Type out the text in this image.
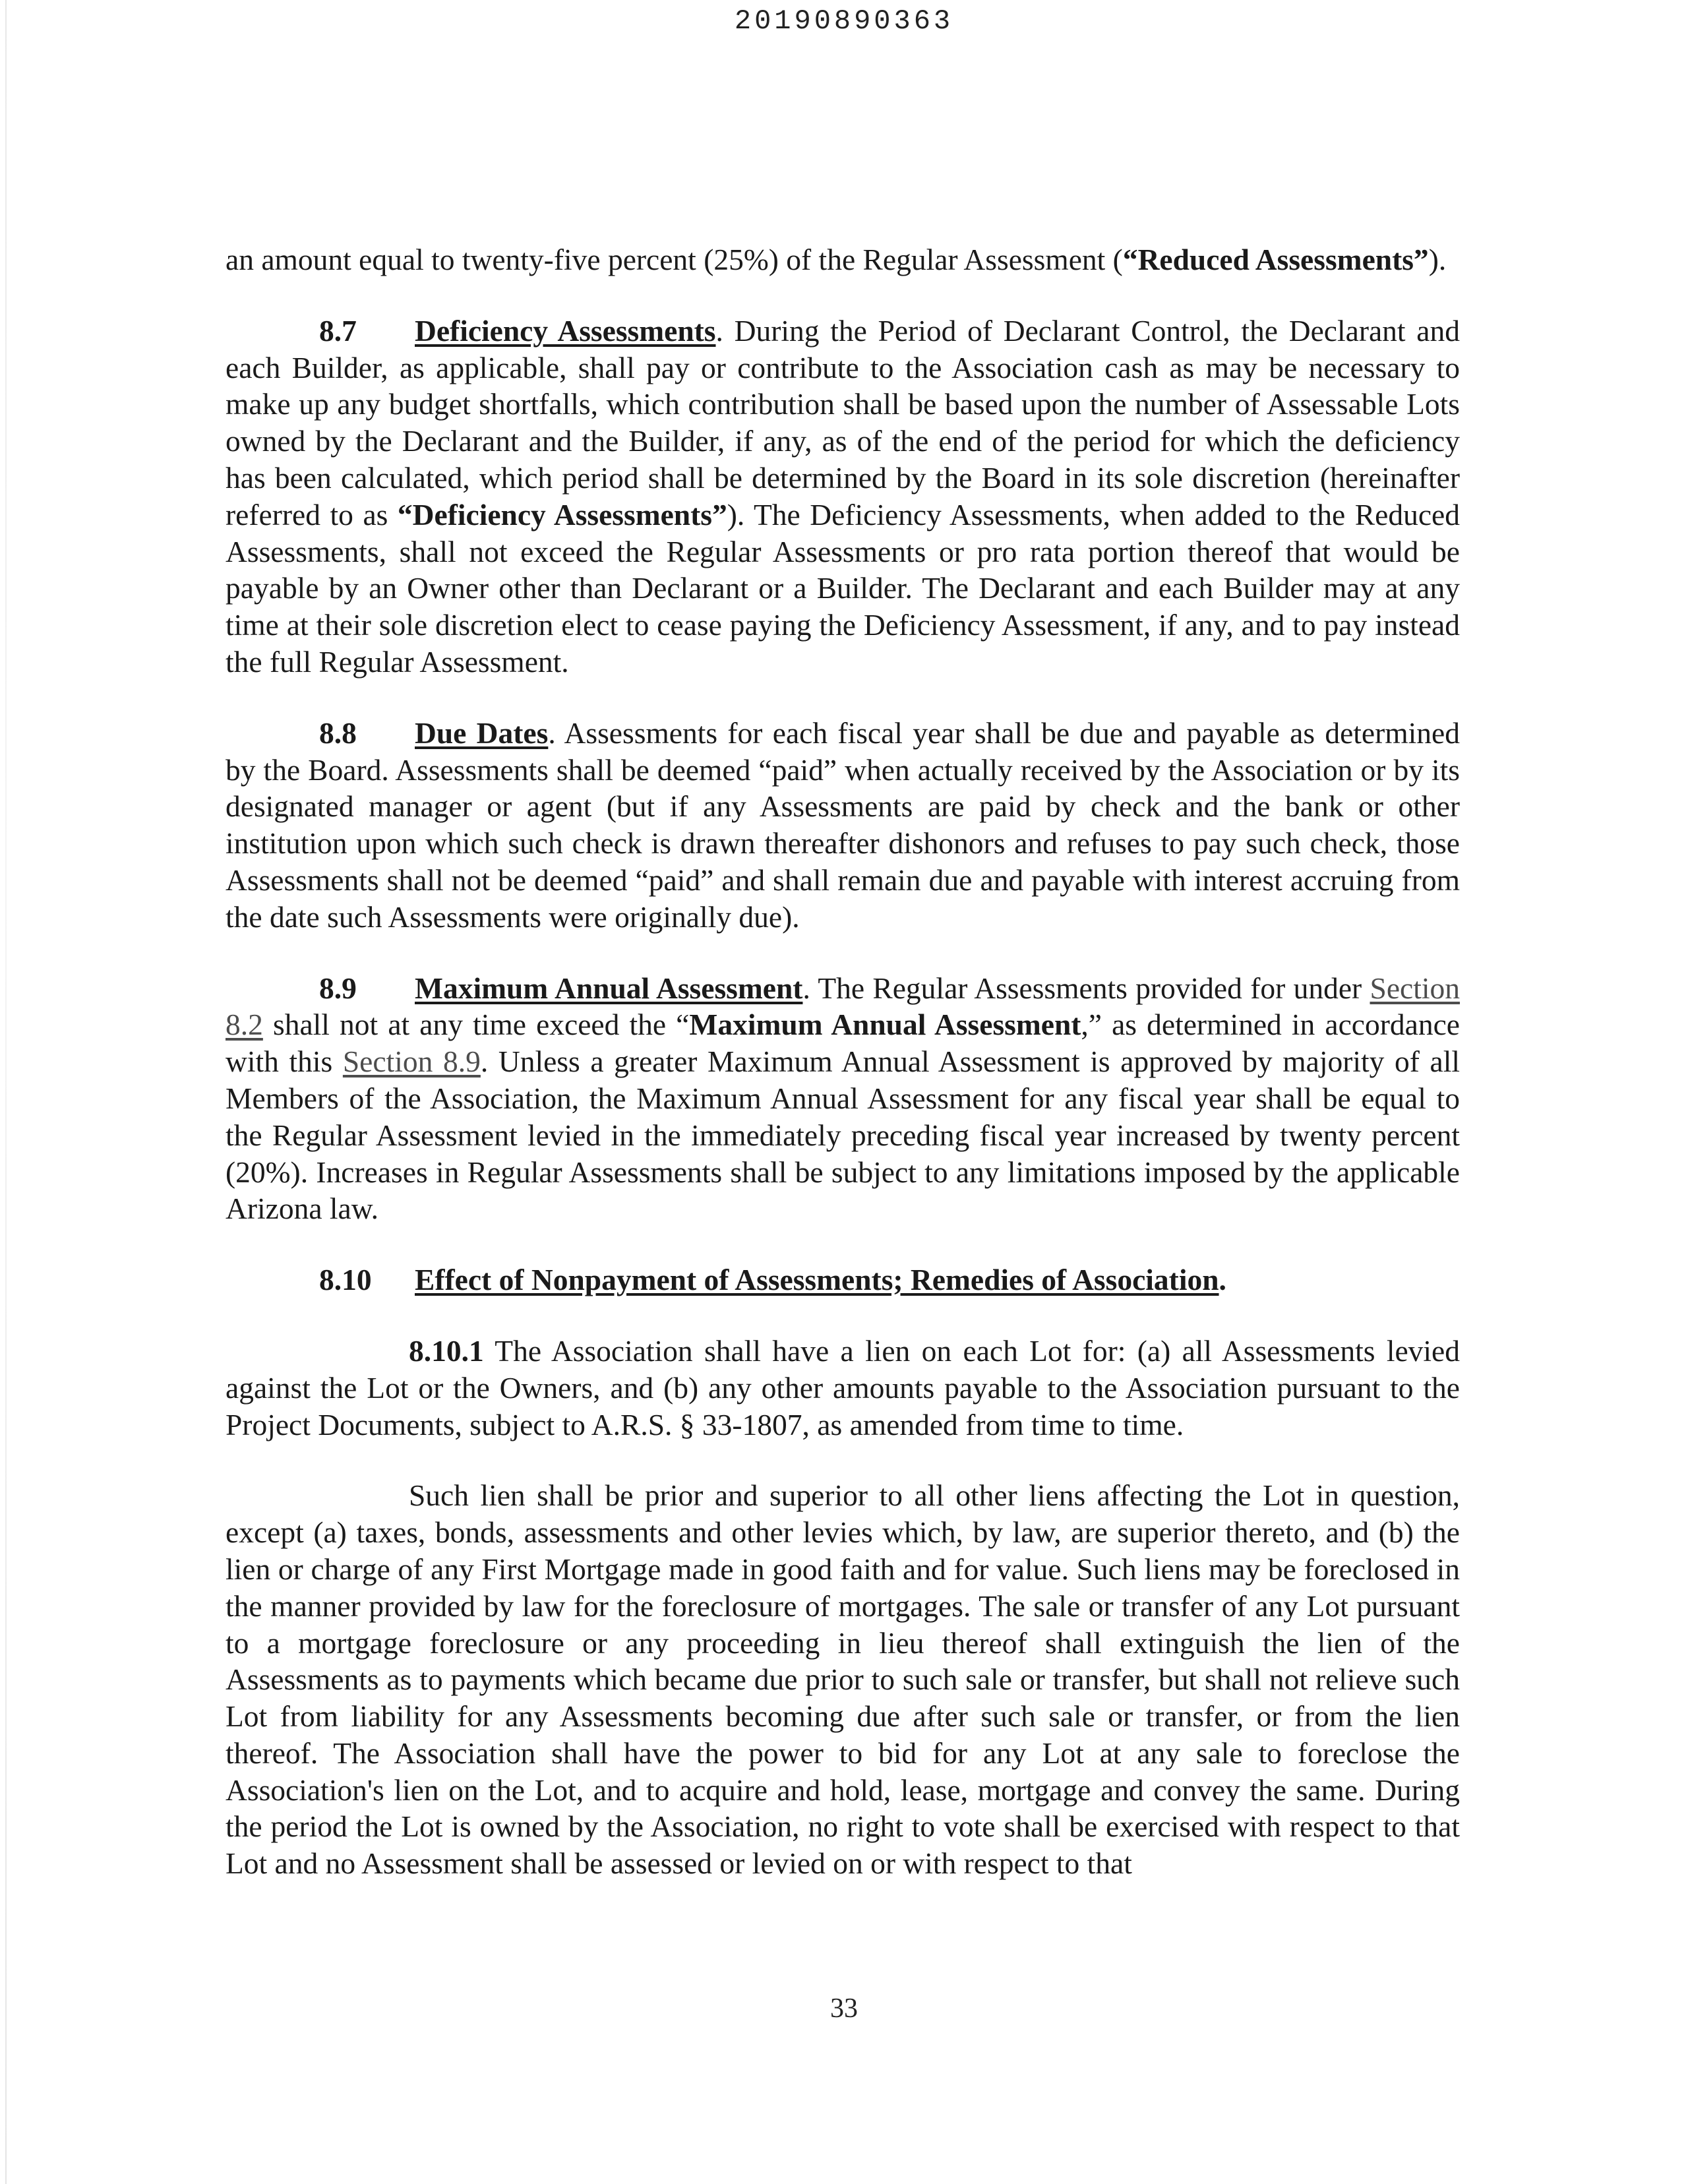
20190890363

an amount equal to twenty-five percent (25%) of the Regular Assessment (“Reduced Assessments”).

8.7 Deficiency Assessments. During the Period of Declarant Control, the Declarant and each Builder, as applicable, shall pay or contribute to the Association cash as may be necessary to make up any budget shortfalls, which contribution shall be based upon the number of Assessable Lots owned by the Declarant and the Builder, if any, as of the end of the period for which the deficiency has been calculated, which period shall be determined by the Board in its sole discretion (hereinafter referred to as “Deficiency Assessments”). The Deficiency Assessments, when added to the Reduced Assessments, shall not exceed the Regular Assessments or pro rata portion thereof that would be payable by an Owner other than Declarant or a Builder. The Declarant and each Builder may at any time at their sole discretion elect to cease paying the Deficiency Assessment, if any, and to pay instead the full Regular Assessment.

8.8 Due Dates. Assessments for each fiscal year shall be due and payable as determined by the Board. Assessments shall be deemed “paid” when actually received by the Association or by its designated manager or agent (but if any Assessments are paid by check and the bank or other institution upon which such check is drawn thereafter dishonors and refuses to pay such check, those Assessments shall not be deemed “paid” and shall remain due and payable with interest accruing from the date such Assessments were originally due).

8.9 Maximum Annual Assessment. The Regular Assessments provided for under Section 8.2 shall not at any time exceed the “Maximum Annual Assessment,” as determined in accordance with this Section 8.9. Unless a greater Maximum Annual Assessment is approved by majority of all Members of the Association, the Maximum Annual Assessment for any fiscal year shall be equal to the Regular Assessment levied in the immediately preceding fiscal year increased by twenty percent (20%). Increases in Regular Assessments shall be subject to any limitations imposed by the applicable Arizona law.

8.10 Effect of Nonpayment of Assessments; Remedies of Association.

8.10.1 The Association shall have a lien on each Lot for: (a) all Assessments levied against the Lot or the Owners, and (b) any other amounts payable to the Association pursuant to the Project Documents, subject to A.R.S. § 33-1807, as amended from time to time.

Such lien shall be prior and superior to all other liens affecting the Lot in question, except (a) taxes, bonds, assessments and other levies which, by law, are superior thereto, and (b) the lien or charge of any First Mortgage made in good faith and for value. Such liens may be foreclosed in the manner provided by law for the foreclosure of mortgages. The sale or transfer of any Lot pursuant to a mortgage foreclosure or any proceeding in lieu thereof shall extinguish the lien of the Assessments as to payments which became due prior to such sale or transfer, but shall not relieve such Lot from liability for any Assessments becoming due after such sale or transfer, or from the lien thereof. The Association shall have the power to bid for any Lot at any sale to foreclose the Association's lien on the Lot, and to acquire and hold, lease, mortgage and convey the same. During the period the Lot is owned by the Association, no right to vote shall be exercised with respect to that Lot and no Assessment shall be assessed or levied on or with respect to that

33
